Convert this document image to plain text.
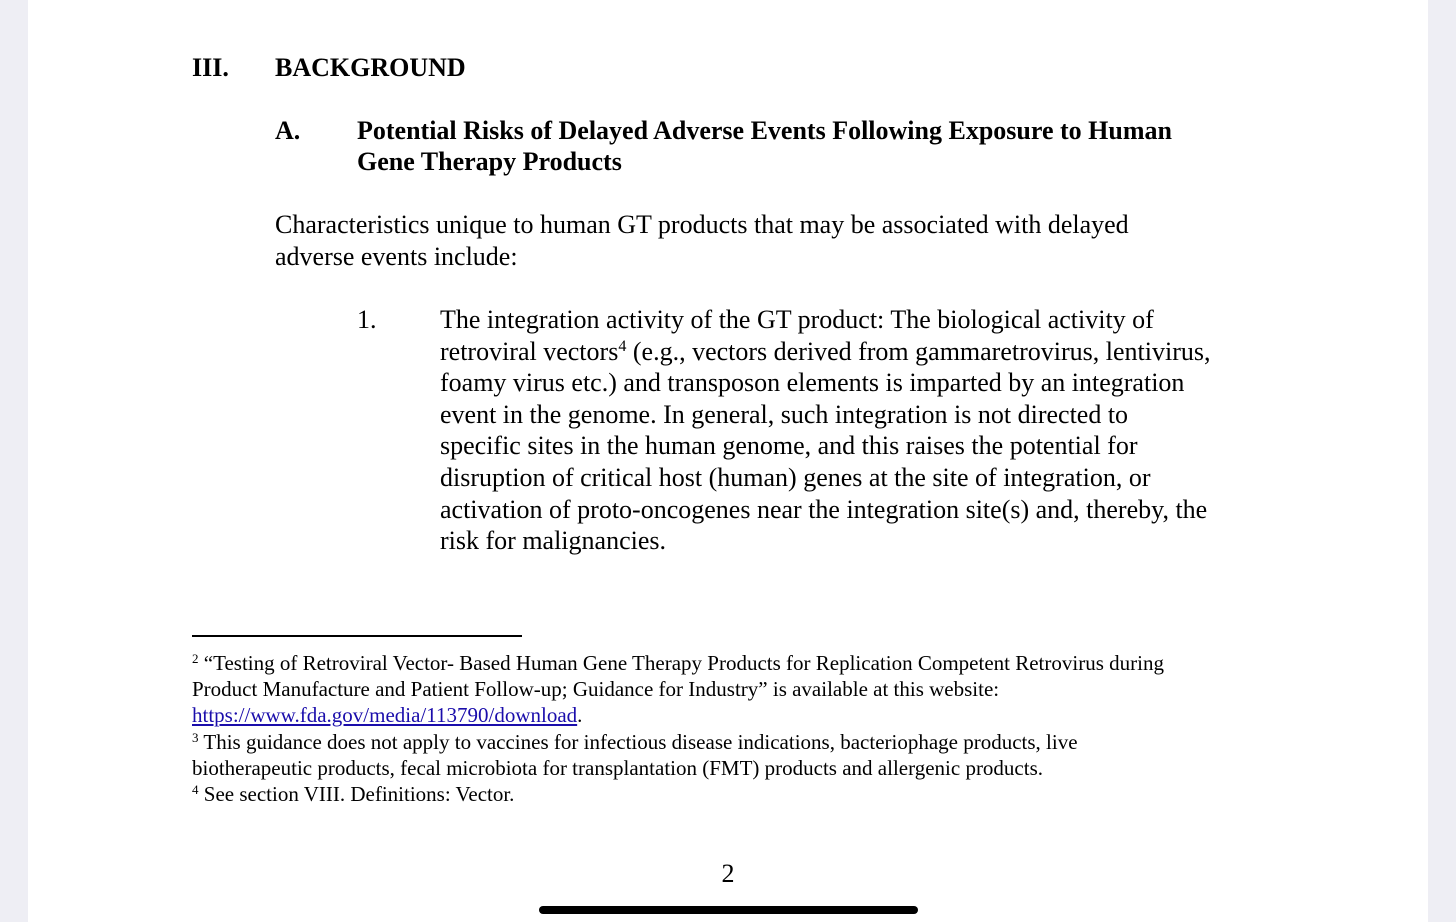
III. BACKGROUND
A. Potential Risks of Delayed Adverse Events Following Exposure to Human
Gene Therapy Products
Characteristics unique to human GT products that may be associated with delayed
adverse events include:
1. The integration activity of the GT product: The biological activity of
retroviral vectors$^4$ (e.g., vectors derived from gammaretrovirus, lentivirus,
foamy virus etc.) and transposon elements is imparted by an integration
event in the genome. In general, such integration is not directed to
specific sites in the human genome, and this raises the potential for
disruption of critical host (human) genes at the site of integration, or
activation of proto-oncogenes near the integration site(s) and, thereby, the
risk for malignancies.
$^2$ “Testing of Retroviral Vector- Based Human Gene Therapy Products for Replication Competent Retrovirus during
Product Manufacture and Patient Follow-up; Guidance for Industry” is available at this website:
https://www.fda.gov/media/113790/download.
$^3$ This guidance does not apply to vaccines for infectious disease indications, bacteriophage products, live
biotherapeutic products, fecal microbiota for transplantation (FMT) products and allergenic products.
$^4$ See section VIII. Definitions: Vector.
2
